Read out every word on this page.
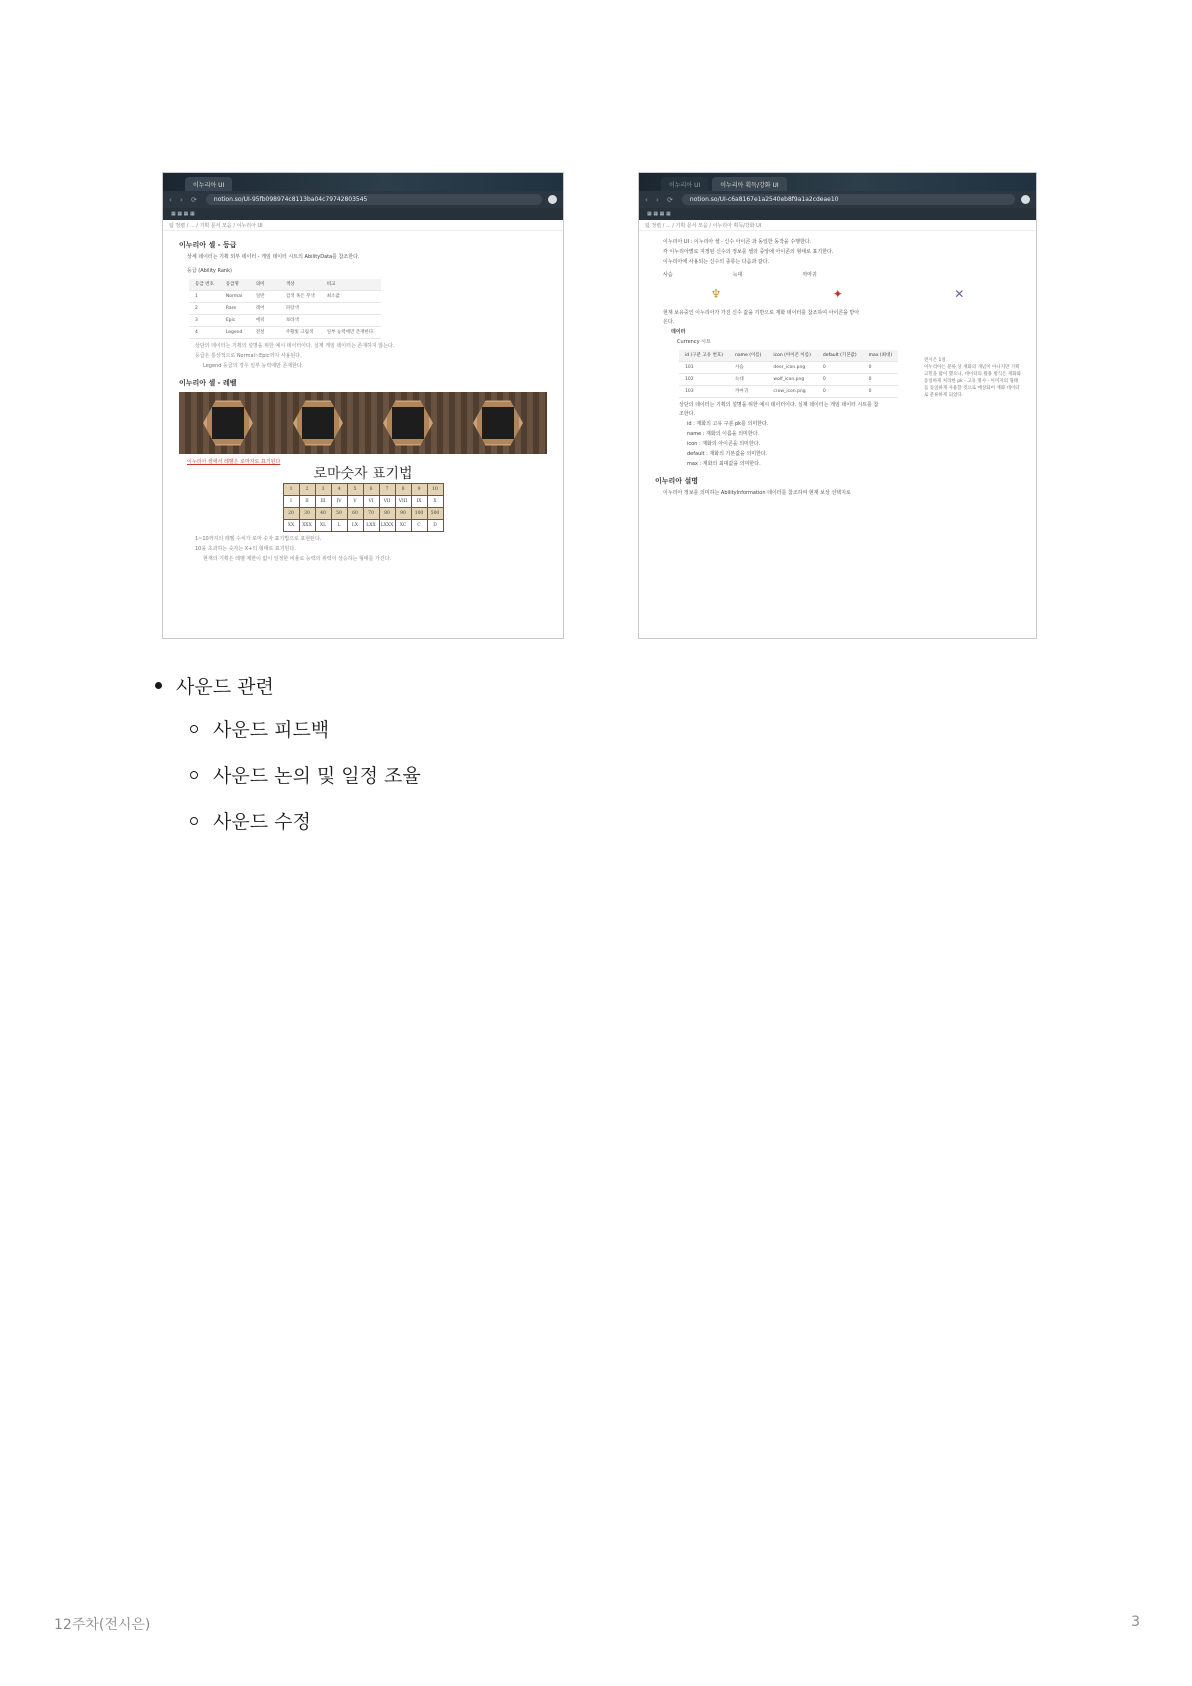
이누리아 UI
‹ › ⟳	notion.so/UI-95fb098974c8113ba04c79742803545
▦ ▦ ▦ ▦
팀 정렬 / ... / 기획 문서 모음 / 이누리아 UI
이누리아 셀 - 등급
상세 데이터는 기획 외부 데이터 - 게임 데이터 시트의 AbilityData를 참조한다.
등급 (Ability Rank)
등급 번호	등급명	의미	색상	비고
1	Normal	일반	검색 혹은 무색	최소값
2	Rare	레어	파랑색	
3	Epic	에픽	보라색	
4	Legend	전설	주황빛 크림색	일부 능력에만 존재한다.
상단의 데이터는 기획의 설명을 위한 예시 데이터이다. 실제 게임 데이터는 존재하지 않는다.
등급은 통상적으로 Normal~Epic까지 사용된다.
Legend 등급의 경우 일부 능력에만 존재한다.
이누리아 셀 - 레벨
이누리아 셀에서 레벨은 로마자로 표기된다
로마숫자 표기법
1	2	3	4	5	6	7	8	9	10
I	II	III	IV	V	VI	VII	VIII	IX	X
20	30	40	50	60	70	80	90	100	500
XX	XXX	XL	L	LX	LXX	LXXX	XC	C	D
1~10까지의 레벨 수치가 로마 숫자 표기법으로 표현된다.
10을 초과하는 숫자는 X+의 형태로 표기된다.
현재의 기획은 레벨 제한이 없이 일정한 비율로 능력의 위력이 상승하는 형태를 가진다.
이누리아 UI	이누리아 획득/강화 UI
‹ › ⟳	notion.so/UI-c6a8167e1a2540eb8f9a1a2cdeae10
▦ ▦ ▦ ▦
팀 정렬 / ... / 기획 문서 모음 / 이누리아 획득/강화 UI
이누리아 UI : 이누리아 셀 · 신수 아이콘 과 동일한 동작을 수행한다.
각 이누리아별로 지정된 신수의 정보를 셀의 중앙에 아이콘의 형태로 표기한다.
이누리아에 사용되는 신수의 종류는 다음과 같다.
사슴	늑대	까마귀
♆	✦	✕
현재 보유중인 이누리아가 가진 신수 값을 기반으로 재화 데이터를 참조하여 아이콘을 받아온다.
데이터
Currency 시트
id (구분 고유 번호)	name (이름)	icon (아이콘 이름)	default (기본값)	max (최대)
101	사슴	deer_icon.png	0	0
102	늑대	wolf_icon.png	0	0
103	까마귀	crow_icon.png	0	0
상단의 데이터는 기획의 설명을 위한 예시 데이터이다. 실제 데이터는 게임 데이터 시트를 참조한다.
id : 재화의 고유 구분 pk를 의미한다.
name : 재화의 이름을 의미한다.
icon : 재화의 아이콘을 의미한다.
default : 재화의 기본값을 의미한다.
max : 재화의 최대값을 의미한다.
이누리아 설명
이누리아 정보를 의미하는 AbilityInformation 데이터를 참조하여 현재 보상 선택지로
전시은 1일
이누리아는 분류 상 재화의 개념이 아니지만 기획 고민을 많이 했으나, 데이터의 활용 방식은 재화와 동일하게 처리한 pk - 고유 명사 - 이미지의 형태를 동일하게 사용할 것으로 예상되어 재화 데이터로 분류하게 되었다.
사운드 관련
사운드 피드백
사운드 논의 및 일정 조율
사운드 수정
12주차(전시은)	3
